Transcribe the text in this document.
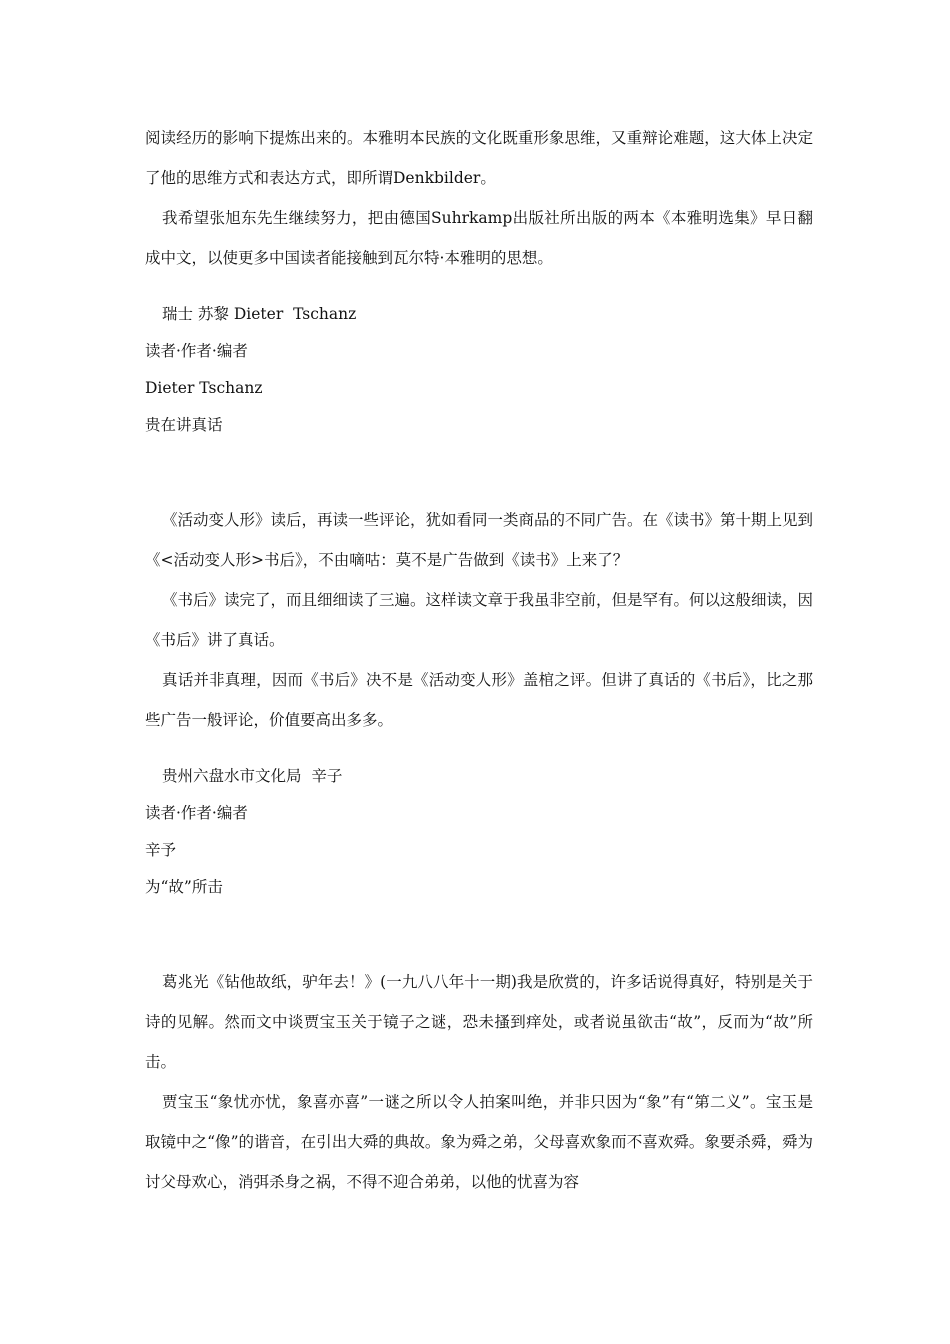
阅读经历的影响下提炼出来的。本雅明本民族的文化既重形象思维，又重辩论难题，这大体上决定了他的思维方式和表达方式，即所谓Denkbilder。

我希望张旭东先生继续努力，把由德国Suhrkamp出版社所出版的两本《本雅明选集》早日翻成中文，以使更多中国读者能接触到瓦尔特·本雅明的思想。

瑞士 苏黎 Dieter  Tschanz

读者·作者·编者

Dieter Tschanz

贵在讲真话

《活动变人形》读后，再读一些评论，犹如看同一类商品的不同广告。在《读书》第十期上见到《<活动变人形>书后》，不由嘀咕：莫不是广告做到《读书》上来了？

《书后》读完了，而且细细读了三遍。这样读文章于我虽非空前，但是罕有。何以这般细读，因《书后》讲了真话。

真话并非真理，因而《书后》决不是《活动变人形》盖棺之评。但讲了真话的《书后》，比之那些广告一般评论，价值要高出多多。

贵州六盘水市文化局  辛子

读者·作者·编者

辛予

为“故”所击

葛兆光《钻他故纸，驴年去！》(一九八八年十一期)我是欣赏的，许多话说得真好，特别是关于诗的见解。然而文中谈贾宝玉关于镜子之谜，恐未搔到痒处，或者说虽欲击“故”，反而为“故”所击。

贾宝玉“象忧亦忧，象喜亦喜”一谜之所以令人拍案叫绝，并非只因为“象”有“第二义”。宝玉是取镜中之“像”的谐音，在引出大舜的典故。象为舜之弟，父母喜欢象而不喜欢舜。象要杀舜，舜为讨父母欢心，消弭杀身之祸，不得不迎合弟弟，以他的忧喜为容
